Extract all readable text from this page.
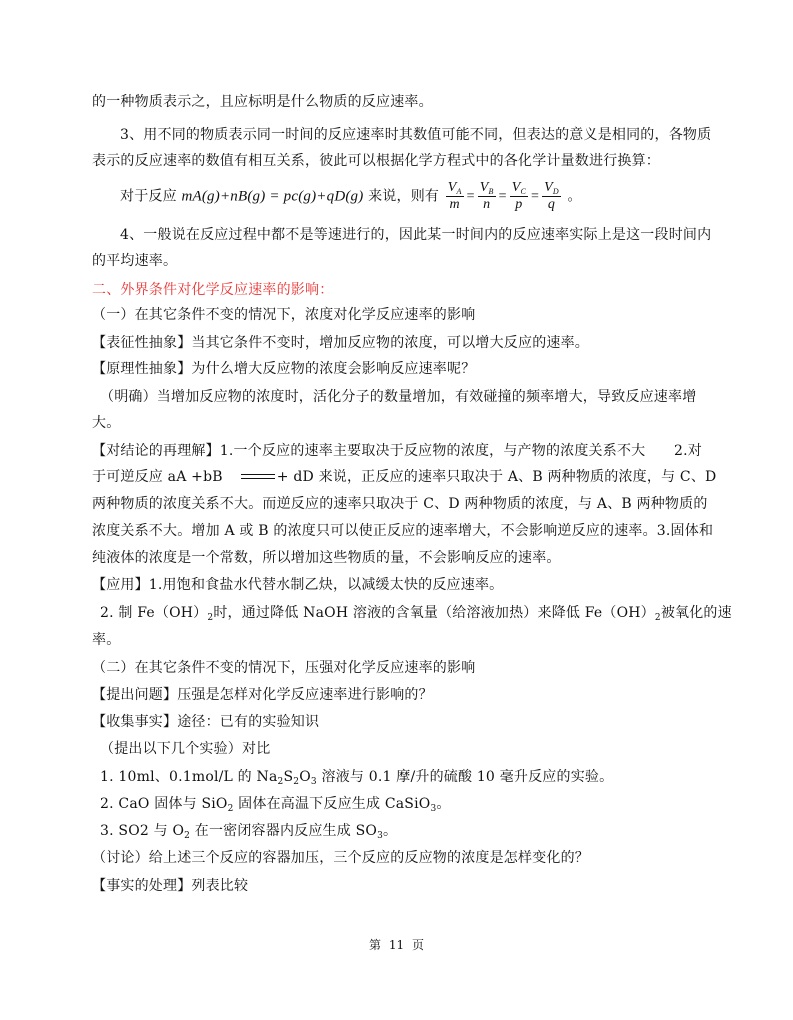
的一种物质表示之，且应标明是什么物质的反应速率。
3、用不同的物质表示同一时间的反应速率时其数值可能不同，但表达的意义是相同的，各物质
表示的反应速率的数值有相互关系，彼此可以根据化学方程式中的各化学计量数进行换算：
对于反应 mA(g)+nB(g) = pc(g)+qD(g) 来说，则有 $\frac{V_A}{m} = \frac{V_B}{n} = \frac{V_C}{p} = \frac{V_D}{q}$ 。
4、一般说在反应过程中都不是等速进行的，因此某一时间内的反应速率实际上是这一段时间内
的平均速率。
二、外界条件对化学反应速率的影响：
（一）在其它条件不变的情况下，浓度对化学反应速率的影响
【表征性抽象】当其它条件不变时，增加反应物的浓度，可以增大反应的速率。
【原理性抽象】为什么增大反应物的浓度会影响反应速率呢？
（明确）当增加反应物的浓度时，活化分子的数量增加，有效碰撞的频率增大，导致反应速率增
大。
【对结论的再理解】1.一个反应的速率主要取决于反应物的浓度，与产物的浓度关系不大 2.对
于可逆反应 aA +bB	+ dD 来说，正反应的速率只取决于 A、B 两种物质的浓度，与 C、D
两种物质的浓度关系不大。而逆反应的速率只取决于 C、D 两种物质的浓度，与 A、B 两种物质的
浓度关系不大。增加 A 或 B 的浓度只可以使正反应的速率增大，不会影响逆反应的速率。3.固体和
纯液体的浓度是一个常数，所以增加这些物质的量，不会影响反应的速率。
【应用】1.用饱和食盐水代替水制乙炔，以减缓太快的反应速率。
2. 制 $Fe(OH)_2$时，通过降低 NaOH 溶液的含氧量（给溶液加热）来降低 $Fe(OH)_2$被氧化的速
率。
（二）在其它条件不变的情况下，压强对化学反应速率的影响
【提出问题】压强是怎样对化学反应速率进行影响的？
【收集事实】途径：已有的实验知识
（提出以下几个实验）对比
1. 10ml、0.1mol/L 的 $Na_2S_2O_3$ 溶液与 0.1 摩/升的硫酸 10 毫升反应的实验。
2. CaO 固体与 SiO$_2$ 固体在高温下反应生成 CaSiO$_3$。
3. SO2 与 $O_2$ 在一密闭容器内反应生成 $SO_3$。
（讨论）给上述三个反应的容器加压，三个反应的反应物的浓度是怎样变化的？
【事实的处理】列表比较
第 11 页
